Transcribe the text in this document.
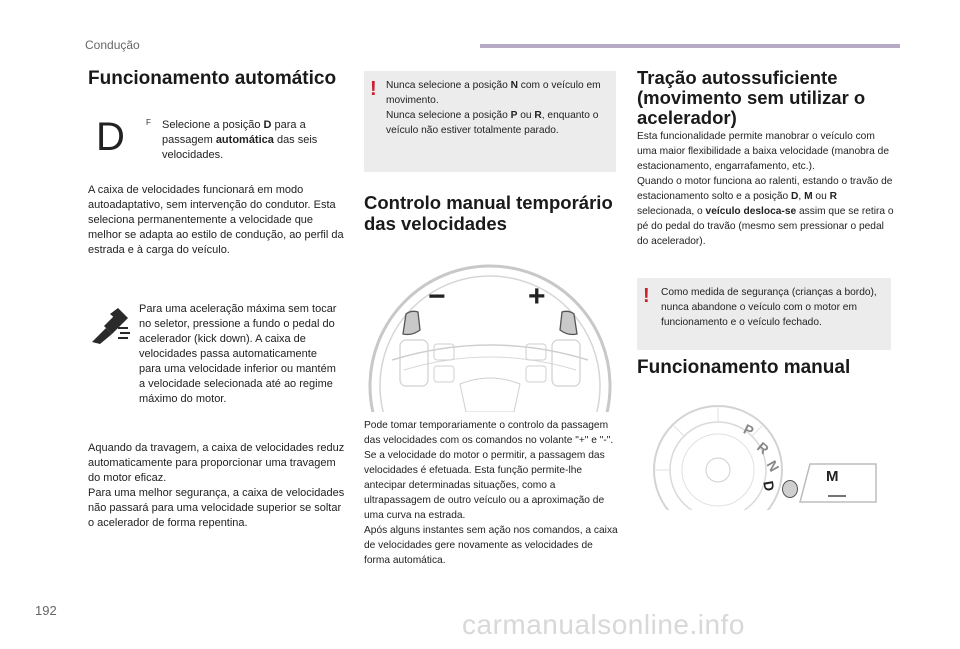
Condução
Funcionamento automático
D	F Selecione a posição D para a passagem automática das seis velocidades.

A caixa de velocidades funcionará em modo autoadaptativo, sem intervenção do condutor. Esta seleciona permanentemente a velocidade que melhor se adapta ao estilo de condução, ao perfil da estrada e à carga do veículo.

Para uma aceleração máxima sem tocar no seletor, pressione a fundo o pedal do acelerador (kick down). A caixa de velocidades passa automaticamente para uma velocidade inferior ou mantém a velocidade selecionada até ao regime máximo do motor.

Aquando da travagem, a caixa de velocidades reduz automaticamente para proporcionar uma travagem do motor eficaz.
Para uma melhor segurança, a caixa de velocidades não passará para uma velocidade superior se soltar o acelerador de forma repentina.

! Nunca selecione a posição N com o veículo em movimento.
Nunca selecione a posição P ou R, enquanto o veículo não estiver totalmente parado.

Controlo manual temporário das velocidades
−	+

Pode tomar temporariamente o controlo da passagem das velocidades com os comandos no volante "+" e "-". Se a velocidade do motor o permitir, a passagem das velocidades é efetuada. Esta função permite-lhe antecipar determinadas situações, como a ultrapassagem de outro veículo ou a aproximação de uma curva na estrada.
Após alguns instantes sem ação nos comandos, a caixa de velocidades gere novamente as velocidades de forma automática.

Tração autossuficiente (movimento sem utilizar o acelerador)

Esta funcionalidade permite manobrar o veículo com uma maior flexibilidade a baixa velocidade (manobra de estacionamento, engarrafamento, etc.).
Quando o motor funciona ao ralenti, estando o travão de estacionamento solto e a posição D, M ou R selecionada, o veículo desloca-se assim que se retira o pé do pedal do travão (mesmo sem pressionar o pedal do acelerador).

! Como medida de segurança (crianças a bordo), nunca abandone o veículo com o motor em funcionamento e o veículo fechado.

Funcionamento manual
P
R
N
D
M
192	carmanualsonline.info
